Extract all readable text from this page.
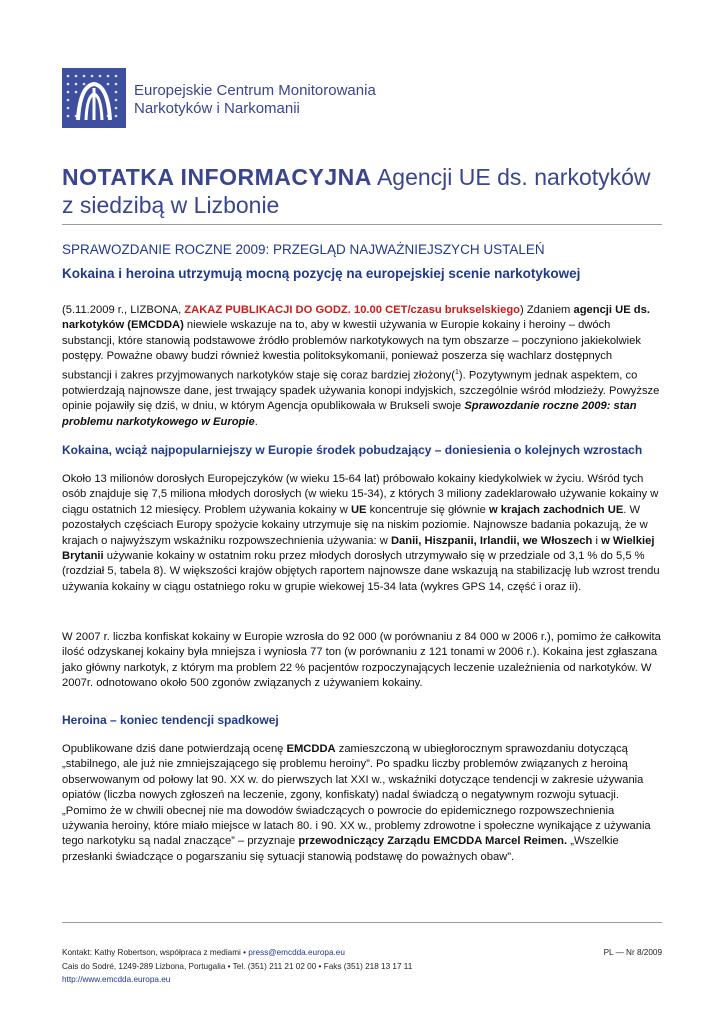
Europejskie Centrum Monitorowania
Narkotyków i Narkomanii
NOTATKA INFORMACYJNA Agencji UE ds. narkotyków
z siedzibą w Lizbonie
SPRAWOZDANIE ROCZNE 2009: PRZEGLĄD NAJWAŻNIEJSZYCH USTALEŃ
Kokaina i heroina utrzymują mocną pozycję na europejskiej scenie narkotykowej
(5.11.2009 r., LIZBONA, ZAKAZ PUBLIKACJI DO GODZ. 10.00 CET/czasu brukselskiego) Zdaniem agencji UE ds. narkotyków (EMCDDA) niewiele wskazuje na to, aby w kwestii używania w Europie kokainy i heroiny – dwóch substancji, które stanowią podstawowe źródło problemów narkotykowych na tym obszarze – poczyniono jakiekolwiek postępy. Poważne obawy budzi również kwestia politoksykomanii, ponieważ poszerza się wachlarz dostępnych substancji i zakres przyjmowanych narkotyków staje się coraz bardziej złożony($^1$). Pozytywnym jednak aspektem, co potwierdzają najnowsze dane, jest trwający spadek używania konopi indyjskich, szczególnie wśród młodzieży. Powyższe opinie pojawiły się dziś, w dniu, w którym Agencja opublikowała w Brukseli swoje Sprawozdanie roczne 2009: stan problemu narkotykowego w Europie.
Kokaina, wciąż najpopularniejszy w Europie środek pobudzający – doniesienia o kolejnych wzrostach
Około 13 milionów dorosłych Europejczyków (w wieku 15-64 lat) próbowało kokainy kiedykolwiek w życiu. Wśród tych osób znajduje się 7,5 miliona młodych dorosłych (w wieku 15-34), z których 3 miliony zadeklarowało używanie kokainy w ciągu ostatnich 12 miesięcy. Problem używania kokainy w UE koncentruje się głównie w krajach zachodnich UE. W pozostałych częściach Europy spożycie kokainy utrzymuje się na niskim poziomie. Najnowsze badania pokazują, że w krajach o najwyższym wskaźniku rozpowszechnienia używania: w Danii, Hiszpanii, Irlandii, we Włoszech i w Wielkiej Brytanii używanie kokainy w ostatnim roku przez młodych dorosłych utrzymywało się w przedziale od 3,1 % do 5,5 % (rozdział 5, tabela 8). W większości krajów objętych raportem najnowsze dane wskazują na stabilizację lub wzrost trendu używania kokainy w ciągu ostatniego roku w grupie wiekowej 15-34 lata (wykres GPS 14, część i oraz ii).
W 2007 r. liczba konfiskat kokainy w Europie wzrosła do 92 000 (w porównaniu z 84 000 w 2006 r.), pomimo że całkowita ilość odzyskanej kokainy była mniejsza i wyniosła 77 ton (w porównaniu z 121 tonami w 2006 r.). Kokaina jest zgłaszana jako główny narkotyk, z którym ma problem 22 % pacjentów rozpoczynających leczenie uzależnienia od narkotyków. W 2007r. odnotowano około 500 zgonów związanych z używaniem kokainy.
Heroina – koniec tendencji spadkowej
Opublikowane dziś dane potwierdzają ocenę EMCDDA zamieszczoną w ubiegłorocznym sprawozdaniu dotyczącą „stabilnego, ale już nie zmniejszającego się problemu heroiny”. Po spadku liczby problemów związanych z heroiną obserwowanym od połowy lat 90. XX w. do pierwszych lat XXI w., wskaźniki dotyczące tendencji w zakresie używania opiatów (liczba nowych zgłoszeń na leczenie, zgony, konfiskaty) nadal świadczą o negatywnym rozwoju sytuacji. „Pomimo że w chwili obecnej nie ma dowodów świadczących o powrocie do epidemicznego rozpowszechnienia używania heroiny, które miało miejsce w latach 80. i 90. XX w., problemy zdrowotne i społeczne wynikające z używania tego narkotyku są nadal znaczące” – przyznaje przewodniczący Zarządu EMCDDA Marcel Reimen. „Wszelkie przesłanki świadczące o pogarszaniu się sytuacji stanowią podstawę do poważnych obaw”.
Kontakt: Kathy Robertson, współpraca z mediami • press@emcdda.europa.eu	PL — Nr 8/2009
Cais do Sodré, 1249-289 Lizbona, Portugalia • Tel. (351) 211 21 02 00 • Faks (351) 218 13 17 11
http://www.emcdda.europa.eu
